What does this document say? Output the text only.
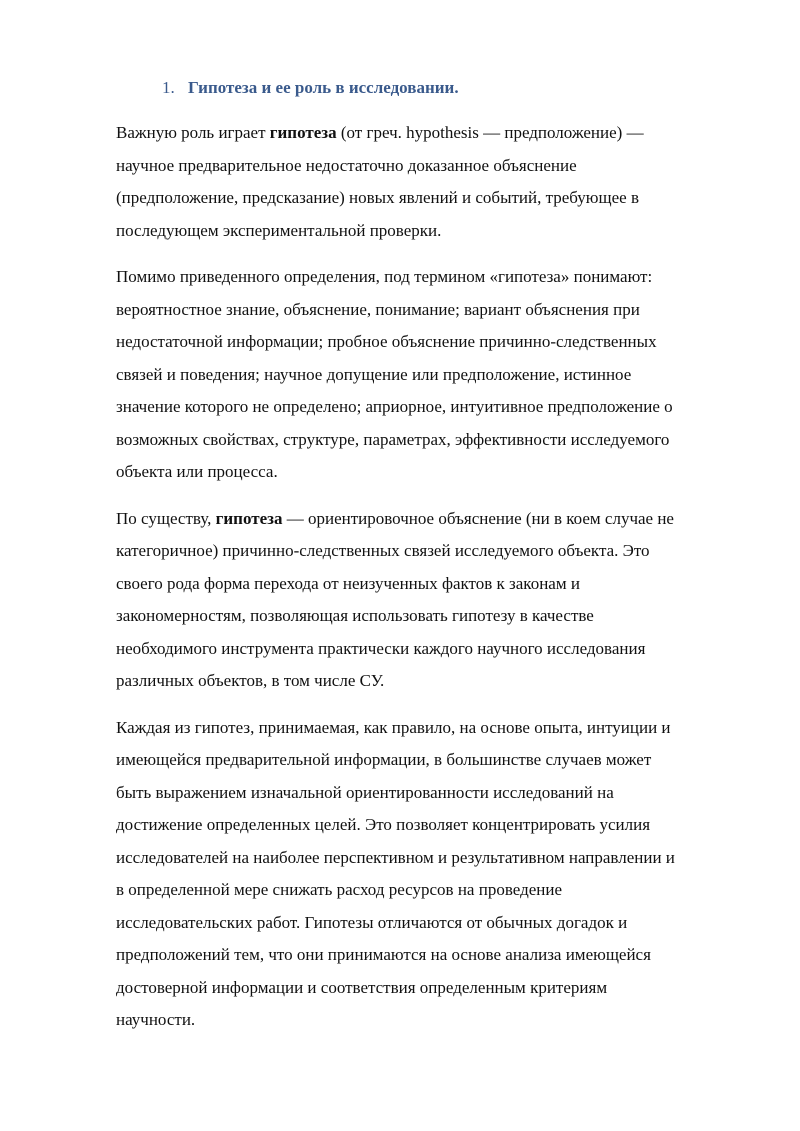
1. Гипотеза и ее роль в исследовании.

Важную роль играет гипотеза (от греч. hypothesis — предположение) —
научное предварительное недостаточно доказанное объяснение
(предположение, предсказание) новых явлений и событий, требующее в
последующем экспериментальной проверки.

Помимо приведенного определения, под термином «гипотеза» понимают:
вероятностное знание, объяснение, понимание; вариант объяснения при
недостаточной информации; пробное объяснение причинно-следственных
связей и поведения; научное допущение или предположение, истинное
значение которого не определено; априорное, интуитивное предположение о
возможных свойствах, структуре, параметрах, эффективности исследуемого
объекта или процесса.

По существу, гипотеза — ориентировочное объяснение (ни в коем случае не
категоричное) причинно-следственных связей исследуемого объекта. Это
своего рода форма перехода от неизученных фактов к законам и
закономерностям, позволяющая использовать гипотезу в качестве
необходимого инструмента практически каждого научного исследования
различных объектов, в том числе СУ.

Каждая из гипотез, принимаемая, как правило, на основе опыта, интуиции и
имеющейся предварительной информации, в большинстве случаев может
быть выражением изначальной ориентированности исследований на
достижение определенных целей. Это позволяет концентрировать усилия
исследователей на наиболее перспективном и результативном направлении и
в определенной мере снижать расход ресурсов на проведение
исследовательских работ. Гипотезы отличаются от обычных догадок и
предположений тем, что они принимаются на основе анализа имеющейся
достоверной информации и соответствия определенным критериям
научности.
